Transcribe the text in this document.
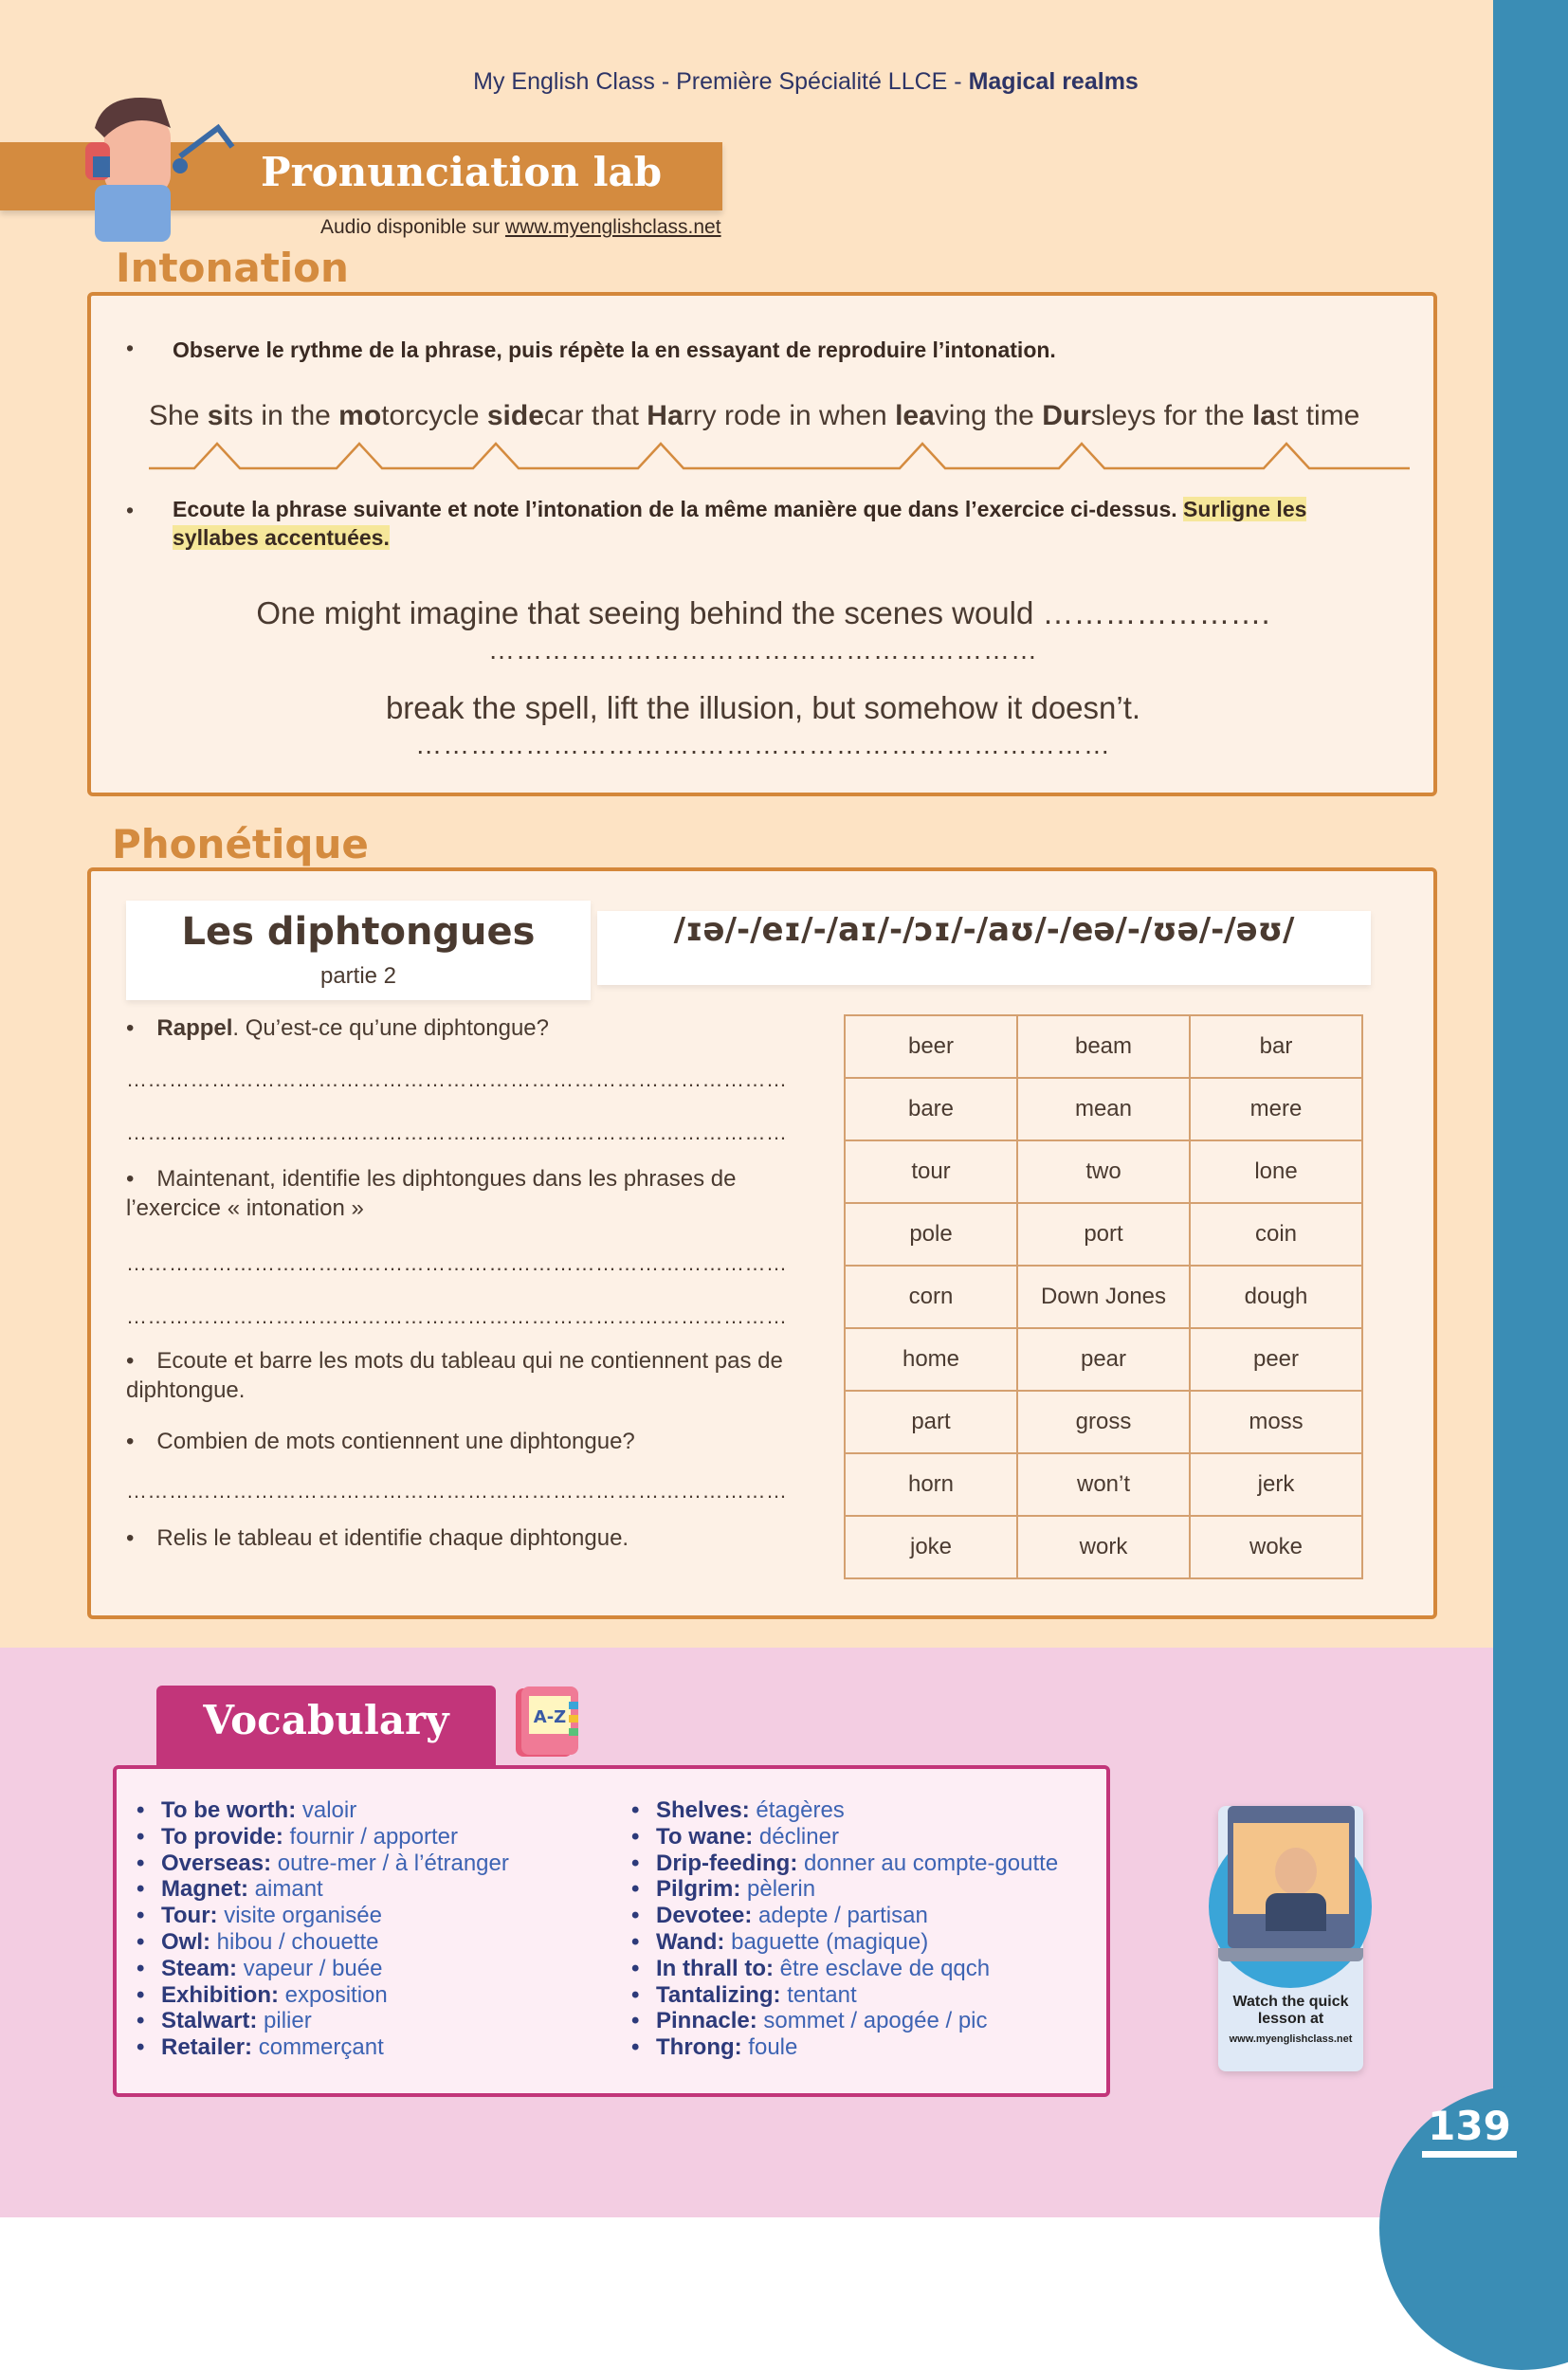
139
My English Class - Première Spécialité LLCE - Magical realms
Pronunciation lab
Audio disponible sur www.myenglishclass.net
Intonation
• Observe le rythme de la phrase, puis répète la en essayant de reproduire l’intonation.
She sits in the motorcycle sidecar that Harry rode in when leaving the Dursleys for the last time
• Ecoute la phrase suivante et note l’intonation de la même manière que dans l’exercice ci-dessus. Surligne les
syllabes accentuées.
One might imagine that seeing behind the scenes would ………………….
……………………………………………………
break the spell, lift the illusion, but somehow it doesn’t.
………………………….………………………………………
Phonétique
Les diphtongues
partie 2
/ɪə/-/eɪ/-/aɪ/-/ɔɪ/-/aʊ/-/eə/-/ʊə/-/əʊ/
• Rappel. Qu’est-ce qu’une diphtongue?
…………………………………………………………………………………
…………………………………………………………………………………
• Maintenant, identifie les diphtongues dans les phrases de l’exercice « intonation »
…………………………………………………………………………………
…………………………………………………………………………………
• Ecoute et barre les mots du tableau qui ne contiennent pas de diphtongue.
• Combien de mots contiennent une diphtongue?
…………………………………………………………………………………
• Relis le tableau et identifie chaque diphtongue.
beer	beam	bar
bare	mean	mere
tour	two	lone
pole	port	coin
corn	Down Jones	dough
home	pear	peer
part	gross	moss
horn	won’t	jerk
joke	work	woke
Vocabulary	A-Z
• To be worth: valoir
• To provide: fournir / apporter
• Overseas: outre-mer / à l’étranger
• Magnet: aimant
• Tour: visite organisée
• Owl: hibou / chouette
• Steam: vapeur / buée
• Exhibition: exposition
• Stalwart: pilier
• Retailer: commerçant
• Shelves: étagères
• To wane: décliner
• Drip-feeding: donner au compte-goutte
• Pilgrim: pèlerin
• Devotee: adepte / partisan
• Wand: baguette (magique)
• In thrall to: être esclave de qqch
• Tantalizing: tentant
• Pinnacle: sommet / apogée / pic
• Throng: foule
Watch the quick lesson at
www.myenglishclass.net
